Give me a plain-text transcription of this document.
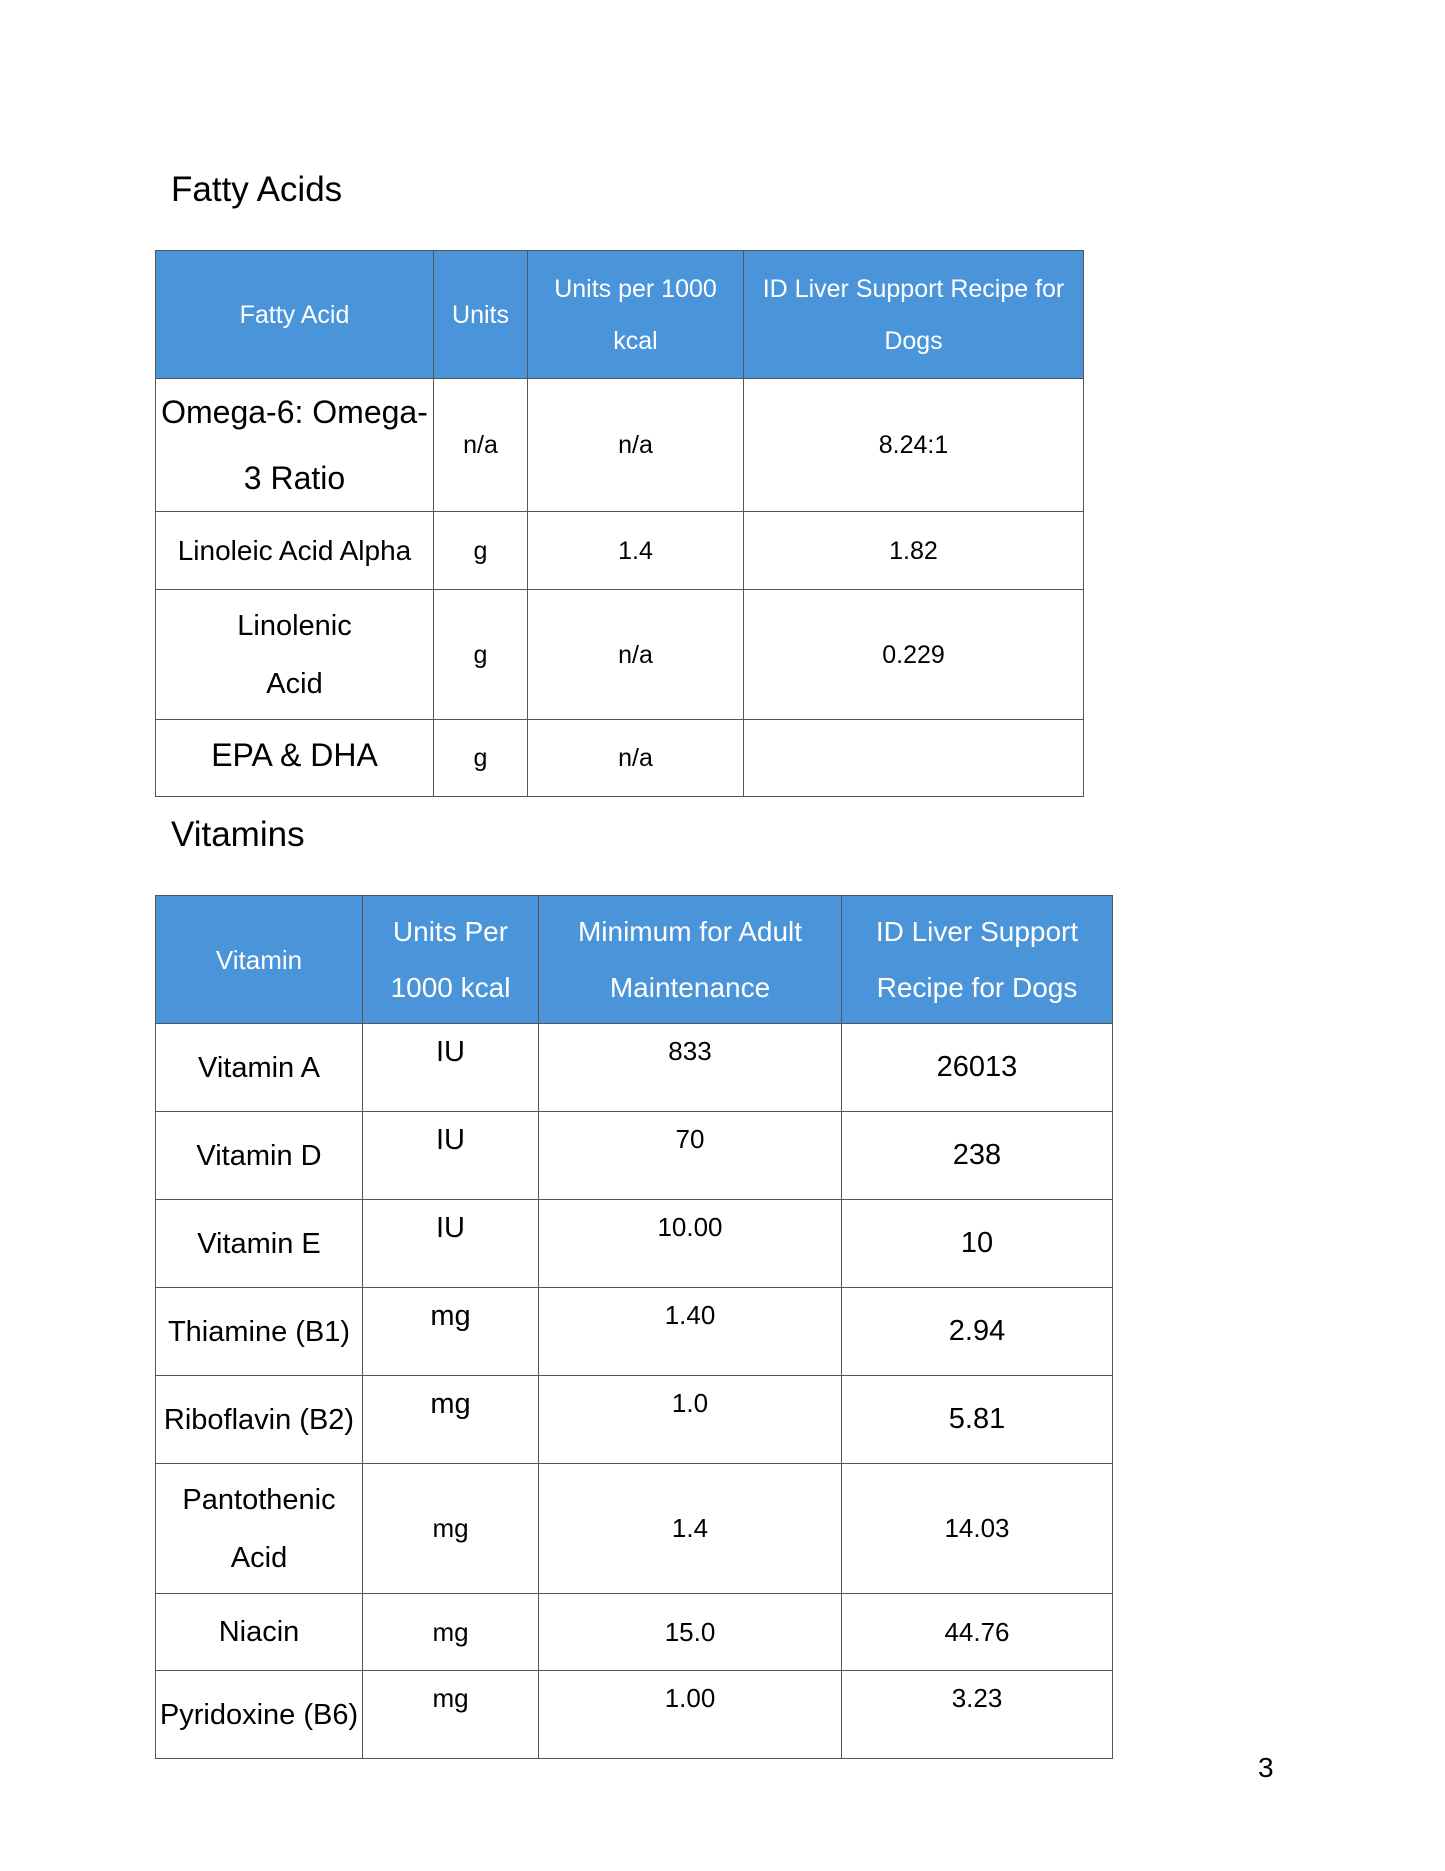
Fatty Acids
Fatty Acid	Units	Units per 1000 kcal	ID Liver Support Recipe for Dogs
Omega-6: Omega-3 Ratio	n/a	n/a	8.24:1
Linoleic Acid Alpha	g	1.4	1.82
Linolenic Acid	g	n/a	0.229
EPA & DHA	g	n/a	
Vitamins
Vitamin	Units Per 1000 kcal	Minimum for Adult Maintenance	ID Liver Support Recipe for Dogs
Vitamin A	IU	833	26013
Vitamin D	IU	70	238
Vitamin E	IU	10.00	10
Thiamine (B1)	mg	1.40	2.94
Riboflavin (B2)	mg	1.0	5.81
Pantothenic Acid	mg	1.4	14.03
Niacin	mg	15.0	44.76
Pyridoxine (B6)	mg	1.00	3.23
3
